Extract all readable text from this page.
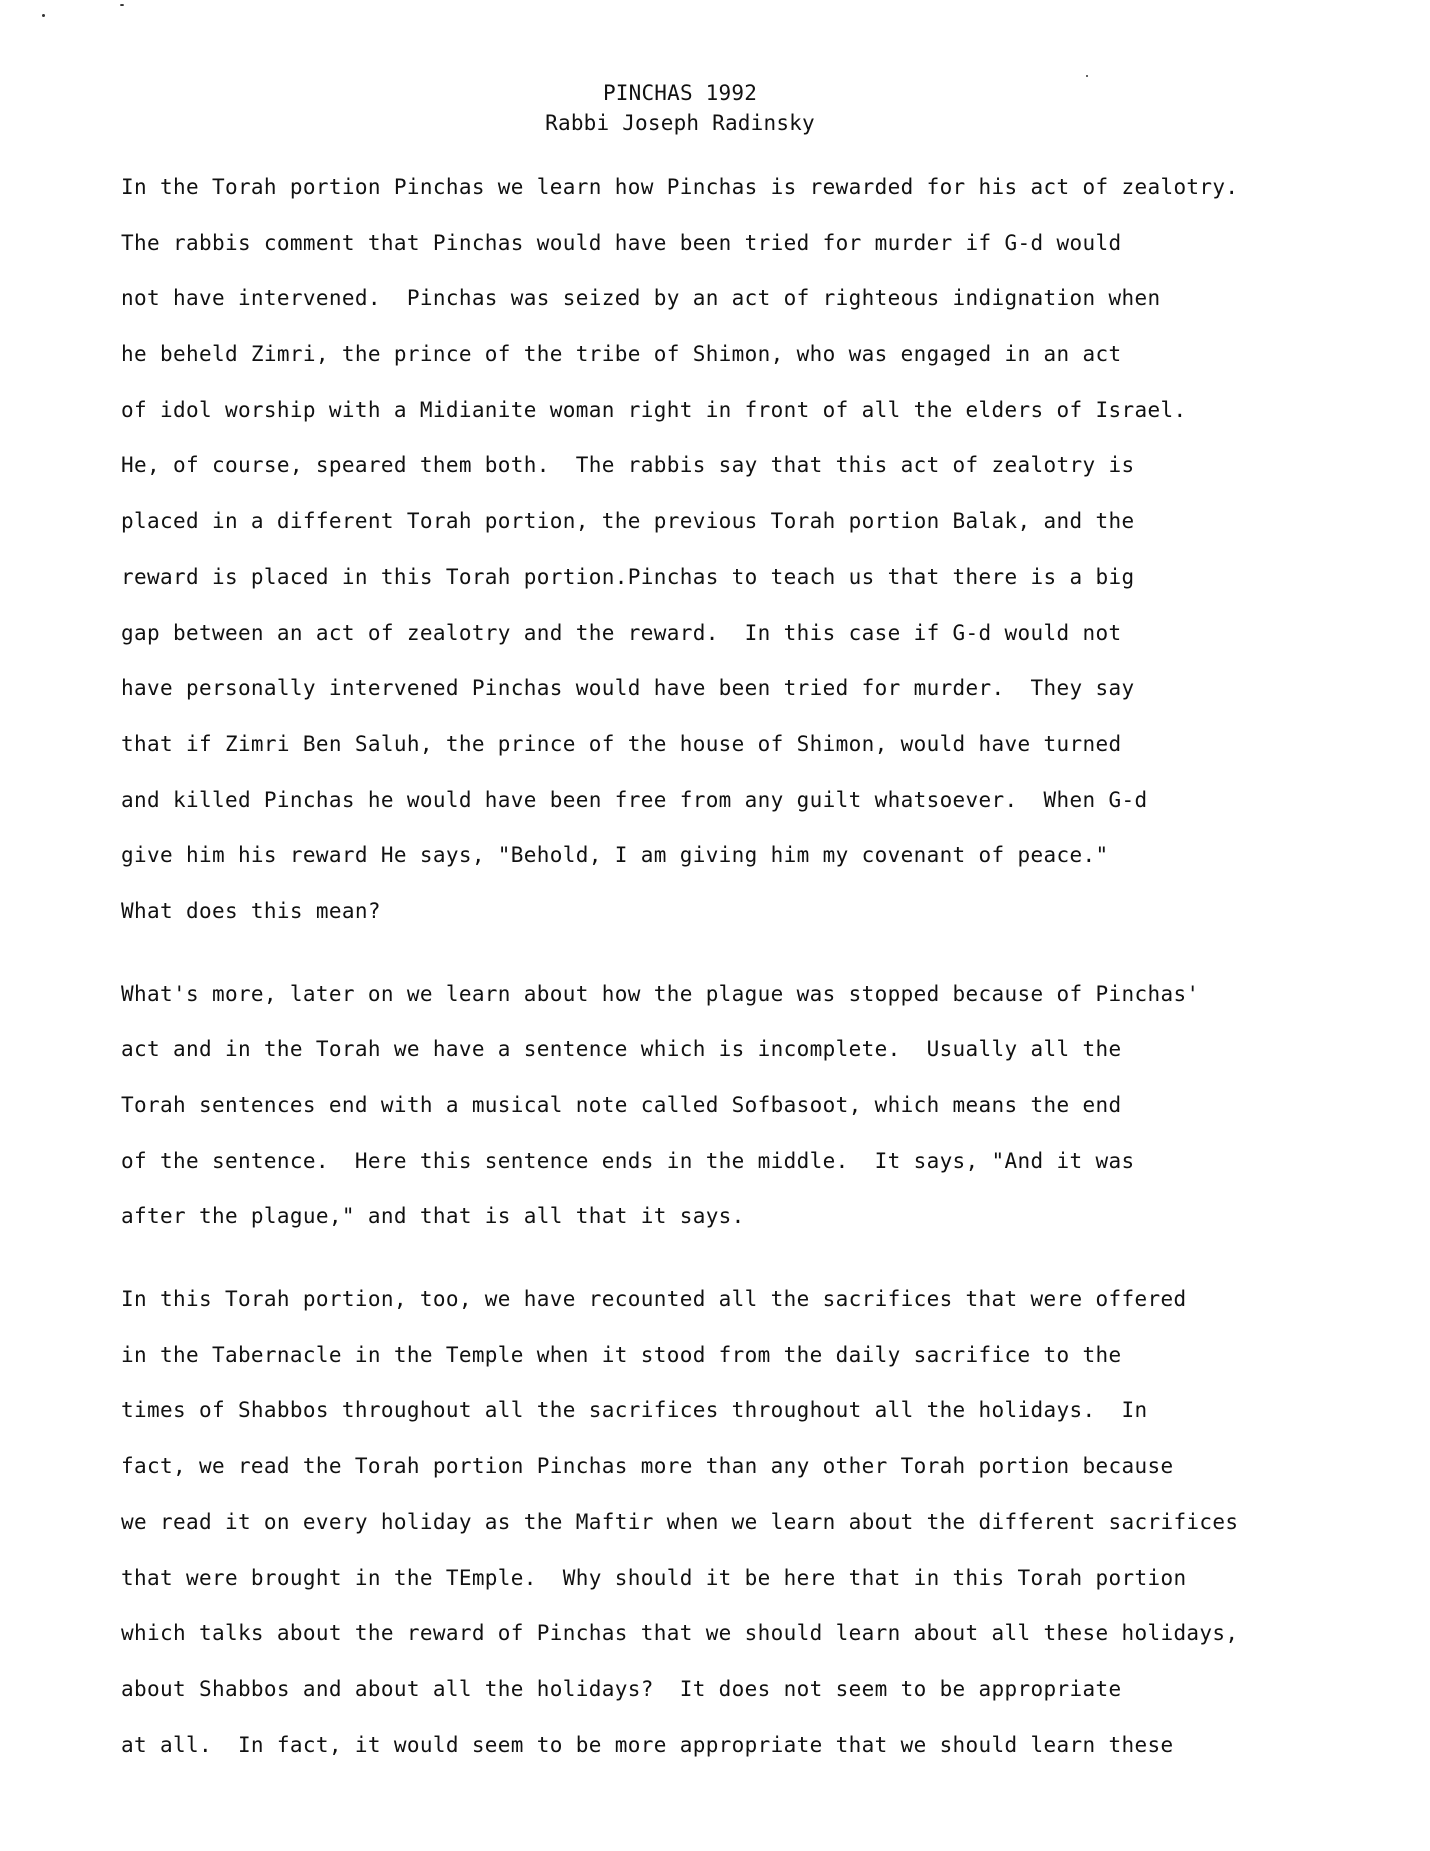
PINCHAS 1992
Rabbi Joseph Radinsky
In the Torah portion Pinchas we learn how Pinchas is rewarded for his act of zealotry.
The rabbis comment that Pinchas would have been tried for murder if G-d would
not have intervened.  Pinchas was seized by an act of righteous indignation when
he beheld Zimri, the prince of the tribe of Shimon, who was engaged in an act
of idol worship with a Midianite woman right in front of all the elders of Israel.
He, of course, speared them both.  The rabbis say that this act of zealotry is
placed in a different Torah portion, the previous Torah portion Balak, and the
reward is placed in this Torah portion.Pinchas to teach us that there is a big
gap between an act of zealotry and the reward.  In this case if G-d would not
have personally intervened Pinchas would have been tried for murder.  They say
that if Zimri Ben Saluh, the prince of the house of Shimon, would have turned
and killed Pinchas he would have been free from any guilt whatsoever.  When G-d
give him his reward He says, "Behold, I am giving him my covenant of peace."
What does this mean?
What's more, later on we learn about how the plague was stopped because of Pinchas'
act and in the Torah we have a sentence which is incomplete.  Usually all the
Torah sentences end with a musical note called Sofbasoot, which means the end
of the sentence.  Here this sentence ends in the middle.  It says, "And it was
after the plague," and that is all that it says.
In this Torah portion, too, we have recounted all the sacrifices that were offered
in the Tabernacle in the Temple when it stood from the daily sacrifice to the
times of Shabbos throughout all the sacrifices throughout all the holidays.  In
fact, we read the Torah portion Pinchas more than any other Torah portion because
we read it on every holiday as the Maftir when we learn about the different sacrifices
that were brought in the TEmple.  Why should it be here that in this Torah portion
which talks about the reward of Pinchas that we should learn about all these holidays,
about Shabbos and about all the holidays?  It does not seem to be appropriate
at all.  In fact, it would seem to be more appropriate that we should learn these
